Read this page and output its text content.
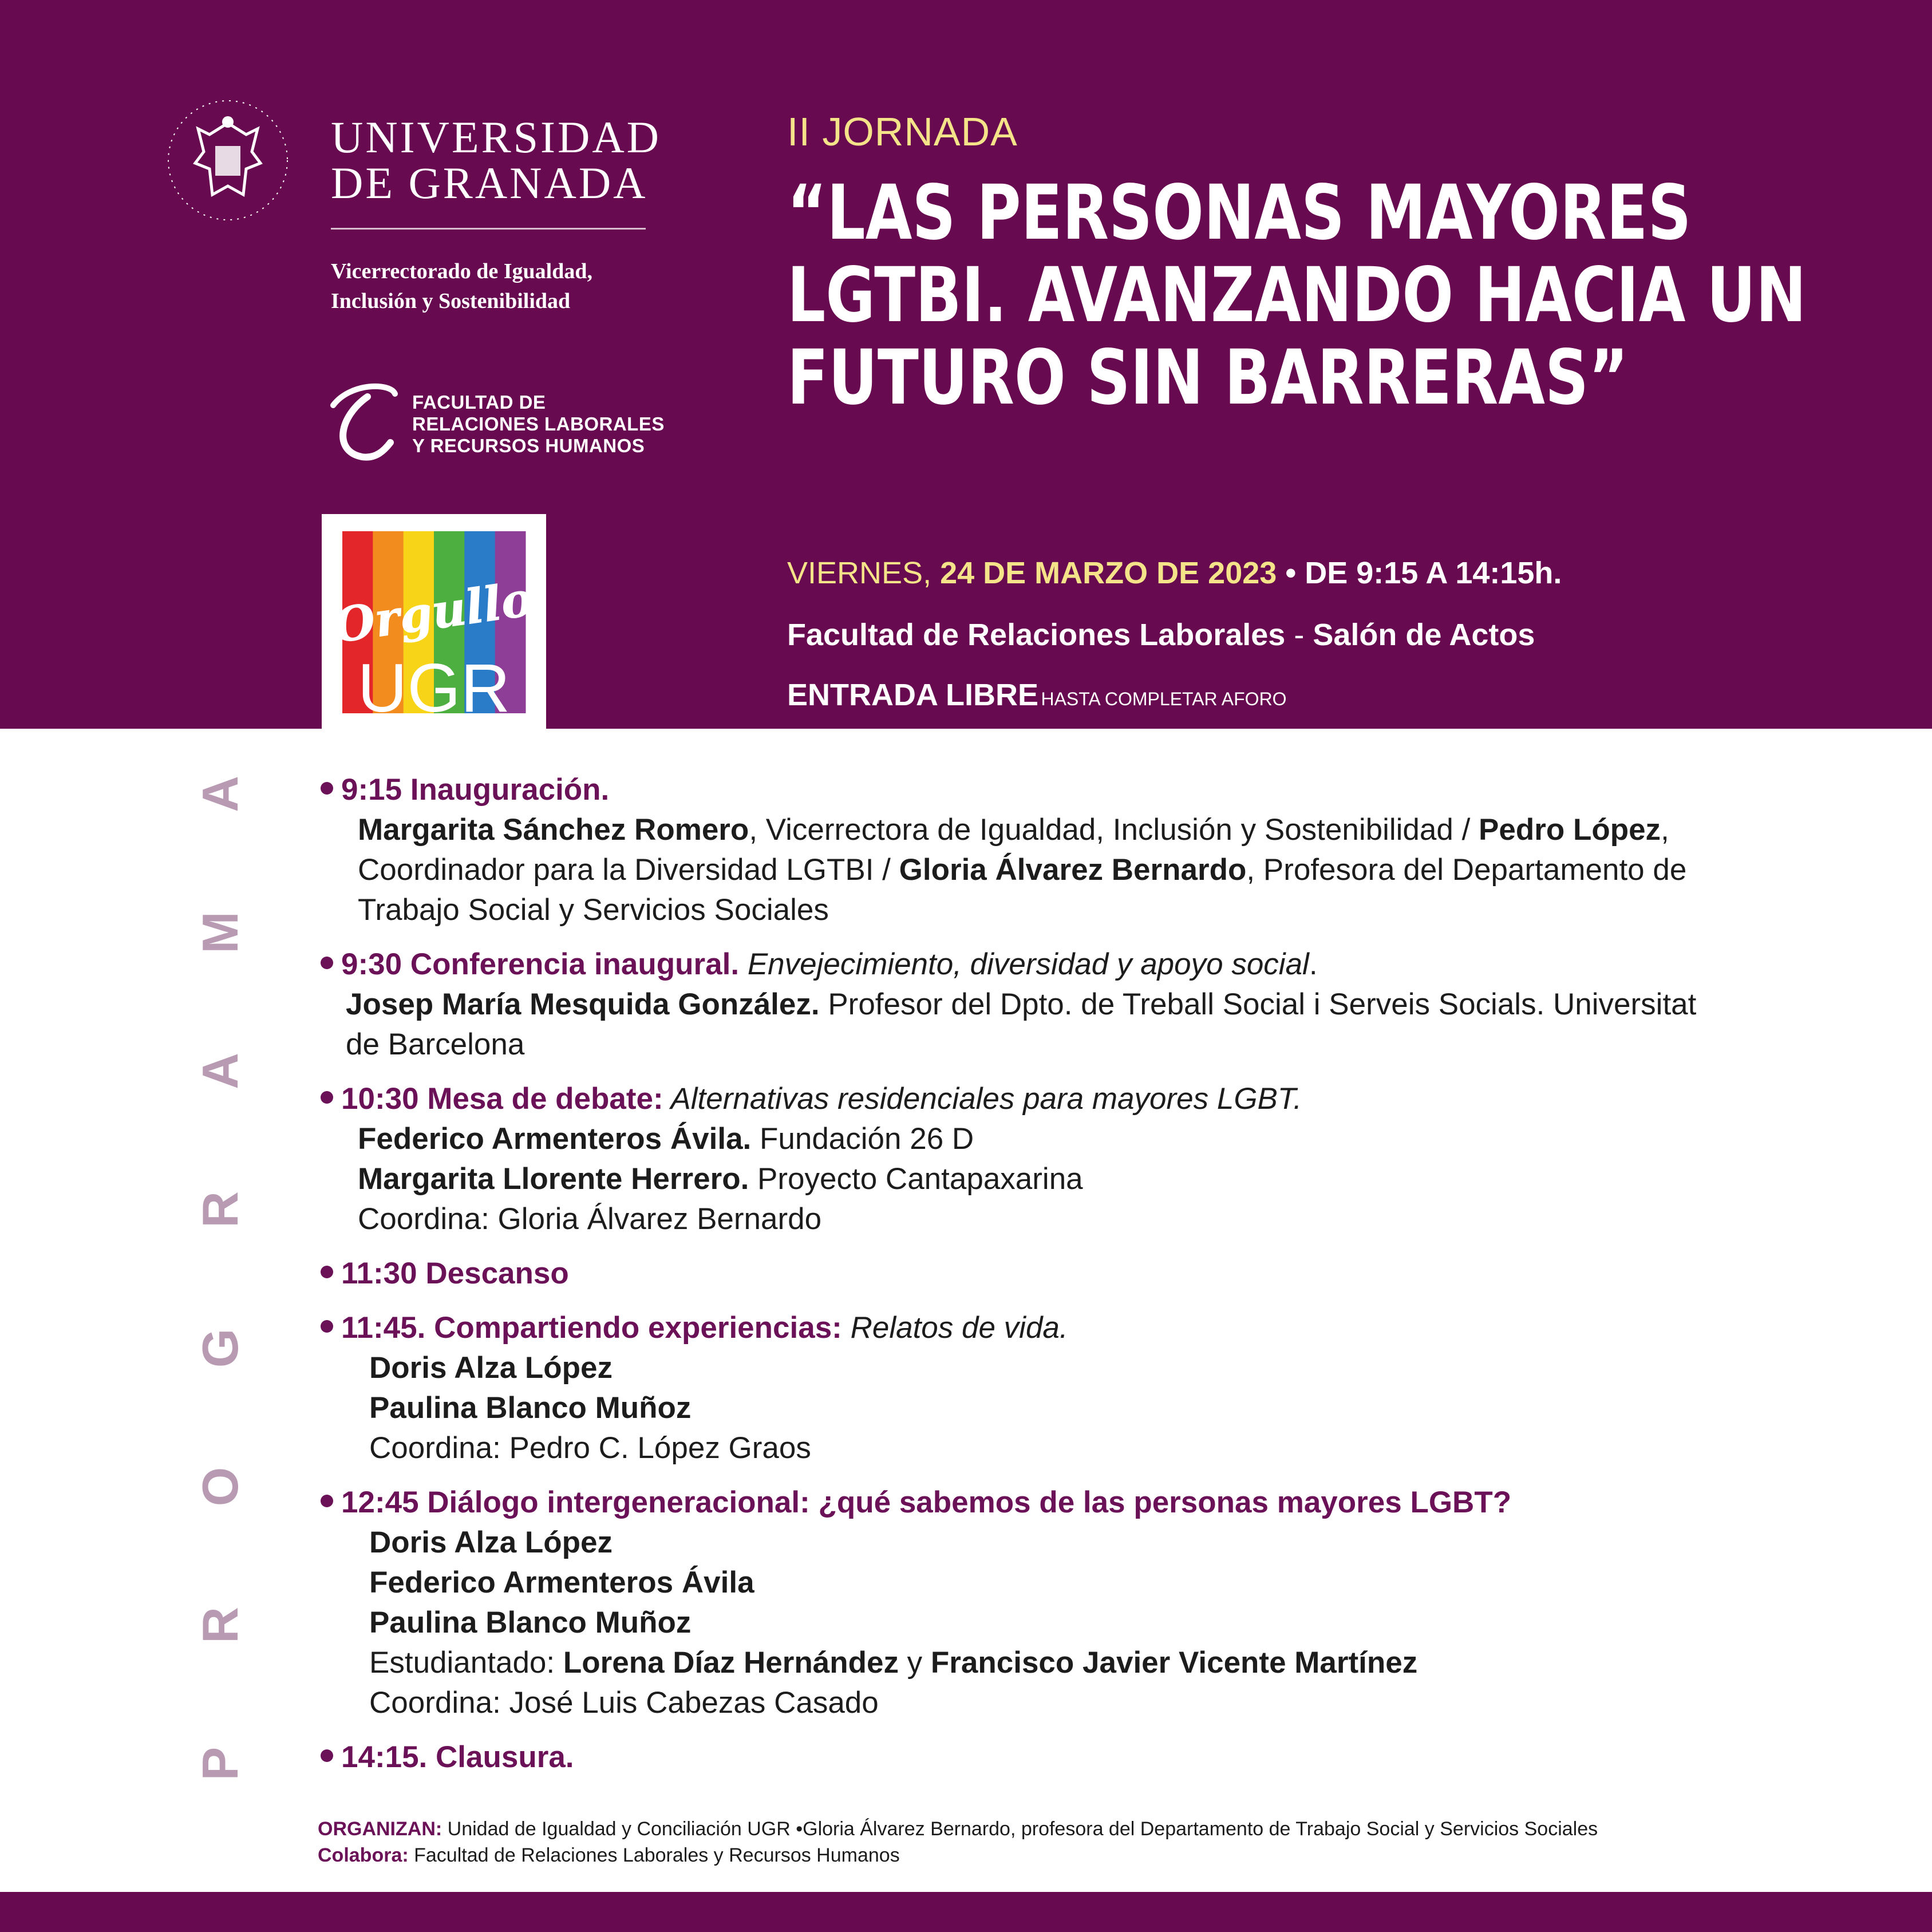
UNIVERSIDAD
DE GRANADA
Vicerrectorado de Igualdad,
Inclusión y Sostenibilidad
FACULTAD DE
RELACIONES LABORALES
Y RECURSOS HUMANOS
Orgullo
UGR
II JORNADA
“LAS PERSONAS MAYORES
LGTBI. AVANZANDO HACIA UN
FUTURO SIN BARRERAS”
VIERNES, 24 DE MARZO DE 2023 • DE 9:15 A 14:15h.
Facultad de Relaciones Laborales - Salón de Actos
ENTRADA LIBRE HASTA COMPLETAR AFORO
P
R
O
G
R
A
M
A	9:15 Inauguración.
Margarita Sánchez Romero, Vicerrectora de Igualdad, Inclusión y Sostenibilidad / Pedro López,
Coordinador para la Diversidad LGTBI / Gloria Álvarez Bernardo, Profesora del Departamento de
Trabajo Social y Servicios Sociales
9:30 Conferencia inaugural. Envejecimiento, diversidad y apoyo social.
Josep María Mesquida González. Profesor del Dpto. de Treball Social i Serveis Socials. Universitat
de Barcelona
10:30 Mesa de debate: Alternativas residenciales para mayores LGBT.
Federico Armenteros Ávila. Fundación 26 D
Margarita Llorente Herrero. Proyecto Cantapaxarina
Coordina: Gloria Álvarez Bernardo
11:30 Descanso
11:45. Compartiendo experiencias: Relatos de vida.
Doris Alza López
Paulina Blanco Muñoz
Coordina: Pedro C. López Graos
12:45 Diálogo intergeneracional: ¿qué sabemos de las personas mayores LGBT?
Doris Alza López
Federico Armenteros Ávila
Paulina Blanco Muñoz
Estudiantado: Lorena Díaz Hernández y Francisco Javier Vicente Martínez
Coordina: José Luis Cabezas Casado
14:15. Clausura.
ORGANIZAN: Unidad de Igualdad y Conciliación UGR •Gloria Álvarez Bernardo, profesora del Departamento de Trabajo Social y Servicios Sociales
Colabora: Facultad de Relaciones Laborales y Recursos Humanos
